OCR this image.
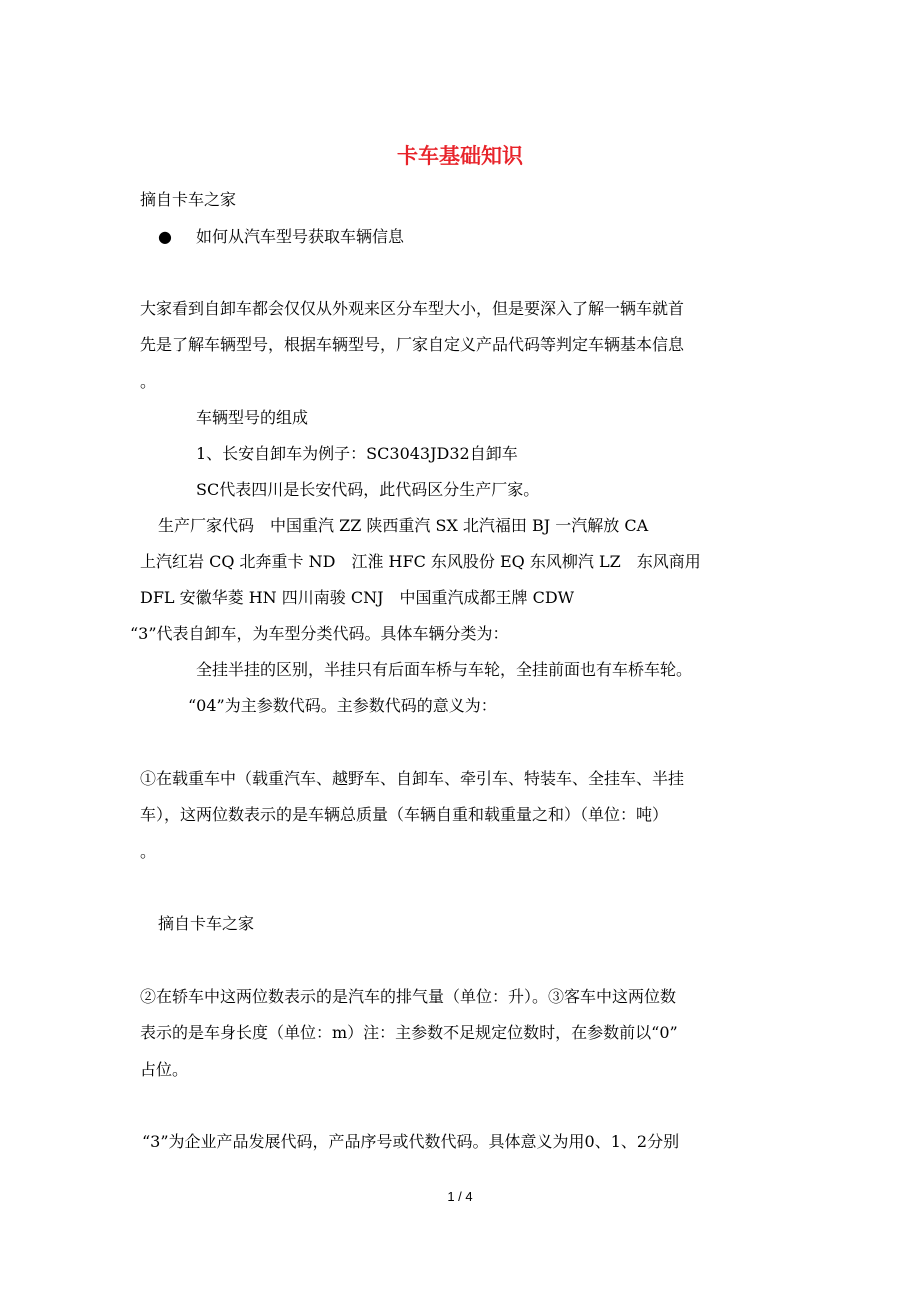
卡车基础知识
摘自卡车之家
● 如何从汽车型号获取车辆信息
大家看到自卸车都会仅仅从外观来区分车型大小，但是要深入了解一辆车就首
先是了解车辆型号，根据车辆型号，厂家自定义产品代码等判定车辆基本信息
。
车辆型号的组成
1、长安自卸车为例子：SC3043JD32自卸车
SC代表四川是长安代码，此代码区分生产厂家。
生产厂家代码　中国重汽 ZZ 陕西重汽 SX 北汽福田 BJ 一汽解放 CA
上汽红岩 CQ 北奔重卡 ND　江淮 HFC 东风股份 EQ 东风柳汽 LZ　东风商用
DFL 安徽华菱 HN 四川南骏 CNJ　中国重汽成都王牌 CDW
“3”代表自卸车，为车型分类代码。具体车辆分类为：
全挂半挂的区别，半挂只有后面车桥与车轮，全挂前面也有车桥车轮。
“04”为主参数代码。主参数代码的意义为：
①在载重车中（载重汽车、越野车、自卸车、牵引车、特装车、全挂车、半挂
车），这两位数表示的是车辆总质量（车辆自重和载重量之和）（单位：吨）
。
摘自卡车之家
②在轿车中这两位数表示的是汽车的排气量（单位：升）。③客车中这两位数
表示的是车身长度（单位：m）注：主参数不足规定位数时，在参数前以“0”
占位。
“3”为企业产品发展代码，产品序号或代数代码。具体意义为用0、1、2分别
1 / 4
